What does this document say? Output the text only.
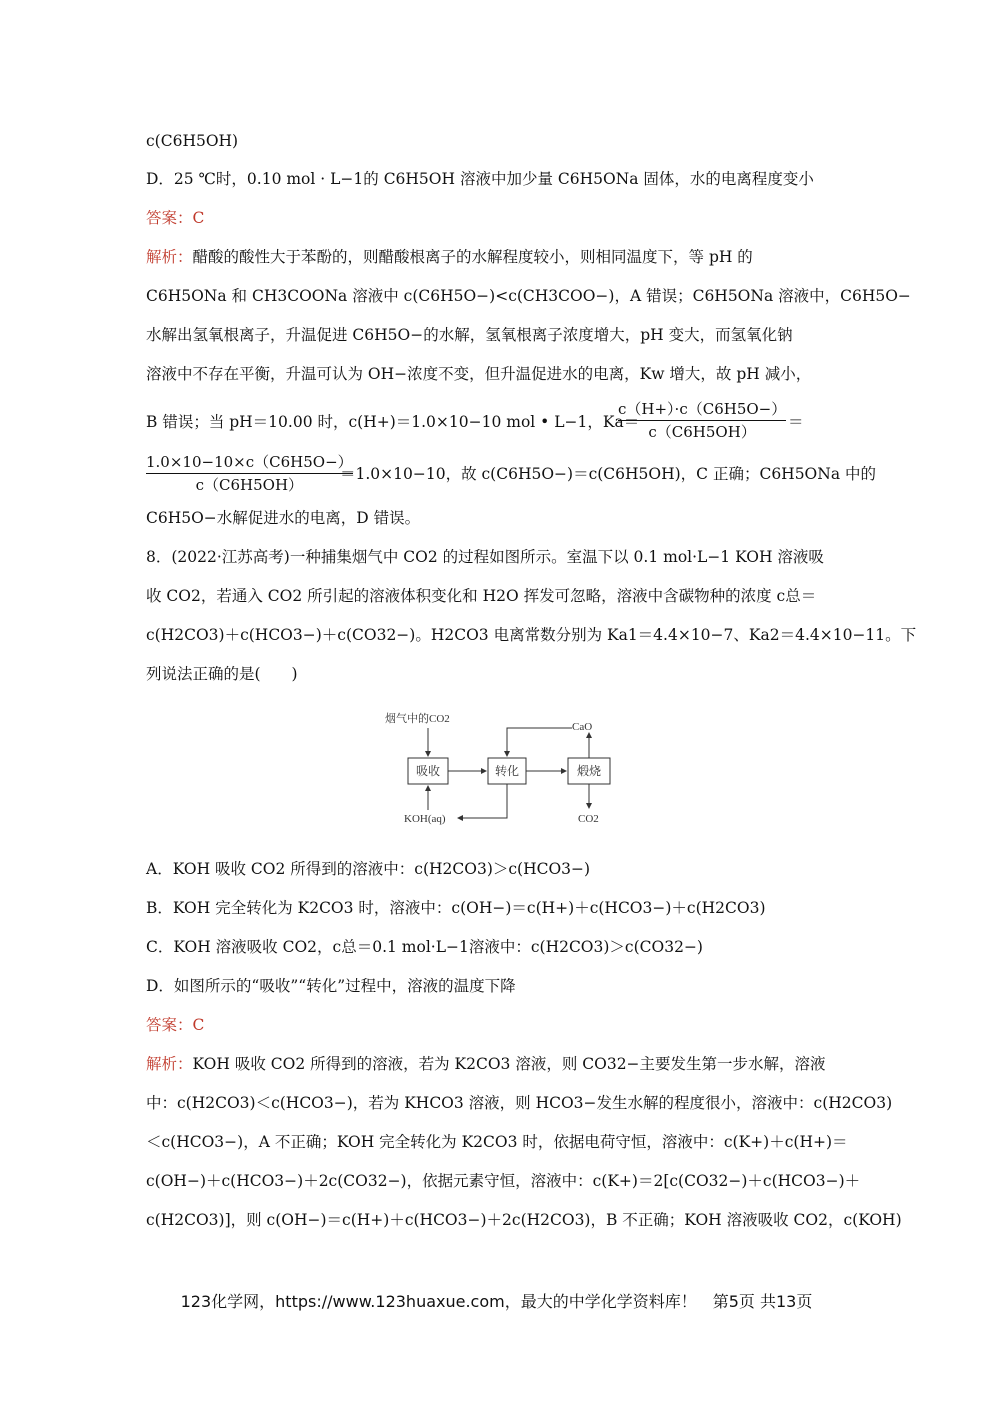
c(C6H5OH)
D．25 ℃时，0.10 mol · L−1的 C6H5OH 溶液中加少量 C6H5ONa 固体，水的电离程度变小
答案：C
解析：醋酸的酸性大于苯酚的，则醋酸根离子的水解程度较小，则相同温度下，等 pH 的
C6H5ONa 和 CH3COONa 溶液中 c(C6H5O−)<c(CH3COO−)，A 错误；C6H5ONa 溶液中，C6H5O−
水解出氢氧根离子，升温促进 C6H5O−的水解，氢氧根离子浓度增大，pH 变大，而氢氧化钠
溶液中不存在平衡，升温可认为 OH−浓度不变，但升温促进水的电离，Kw 增大，故 pH 减小，
B 错误；当 pH＝10.00 时，c(H+)＝1.0×10−10 mol • L−1，Ka＝
c（H+）·c（C6H5O−）
c（C6H5OH）
＝
1.0×10−10×c（C6H5O−）
c（C6H5OH）
＝1.0×10−10，故 c(C6H5O−)＝c(C6H5OH)，C 正确；C6H5ONa 中的
C6H5O−水解促进水的电离，D 错误。
8．(2022·江苏高考)一种捕集烟气中 CO2 的过程如图所示。室温下以 0.1 mol·L−1 KOH 溶液吸
收 CO2，若通入 CO2 所引起的溶液体积变化和 H2O 挥发可忽略，溶液中含碳物种的浓度 c总＝
c(H2CO3)＋c(HCO3−)＋c(CO32−)。H2CO3 电离常数分别为 Ka1＝4.4×10−7、Ka2＝4.4×10−11。下
列说法正确的是(　　)
烟气中的CO2
吸收	转化	煅烧
CaO
CO2
KOH(aq)
A．KOH 吸收 CO2 所得到的溶液中：c(H2CO3)＞c(HCO3−)
B．KOH 完全转化为 K2CO3 时，溶液中：c(OH−)＝c(H+)＋c(HCO3−)＋c(H2CO3)
C．KOH 溶液吸收 CO2，c总＝0.1 mol·L−1溶液中：c(H2CO3)＞c(CO32−)
D．如图所示的“吸收”“转化”过程中，溶液的温度下降
答案：C
解析：KOH 吸收 CO2 所得到的溶液，若为 K2CO3 溶液，则 CO32−主要发生第一步水解，溶液
中：c(H2CO3)＜c(HCO3−)，若为 KHCO3 溶液，则 HCO3−发生水解的程度很小，溶液中：c(H2CO3)
＜c(HCO3−)，A 不正确；KOH 完全转化为 K2CO3 时，依据电荷守恒，溶液中：c(K+)＋c(H+)＝
c(OH−)＋c(HCO3−)＋2c(CO32−)，依据元素守恒，溶液中：c(K+)＝2[c(CO32−)＋c(HCO3−)＋
c(H2CO3)]，则 c(OH−)＝c(H+)＋c(HCO3−)＋2c(H2CO3)，B 不正确；KOH 溶液吸收 CO2，c(KOH)
123化学网，https://www.123huaxue.com，最大的中学化学资料库！　第5页 共13页
